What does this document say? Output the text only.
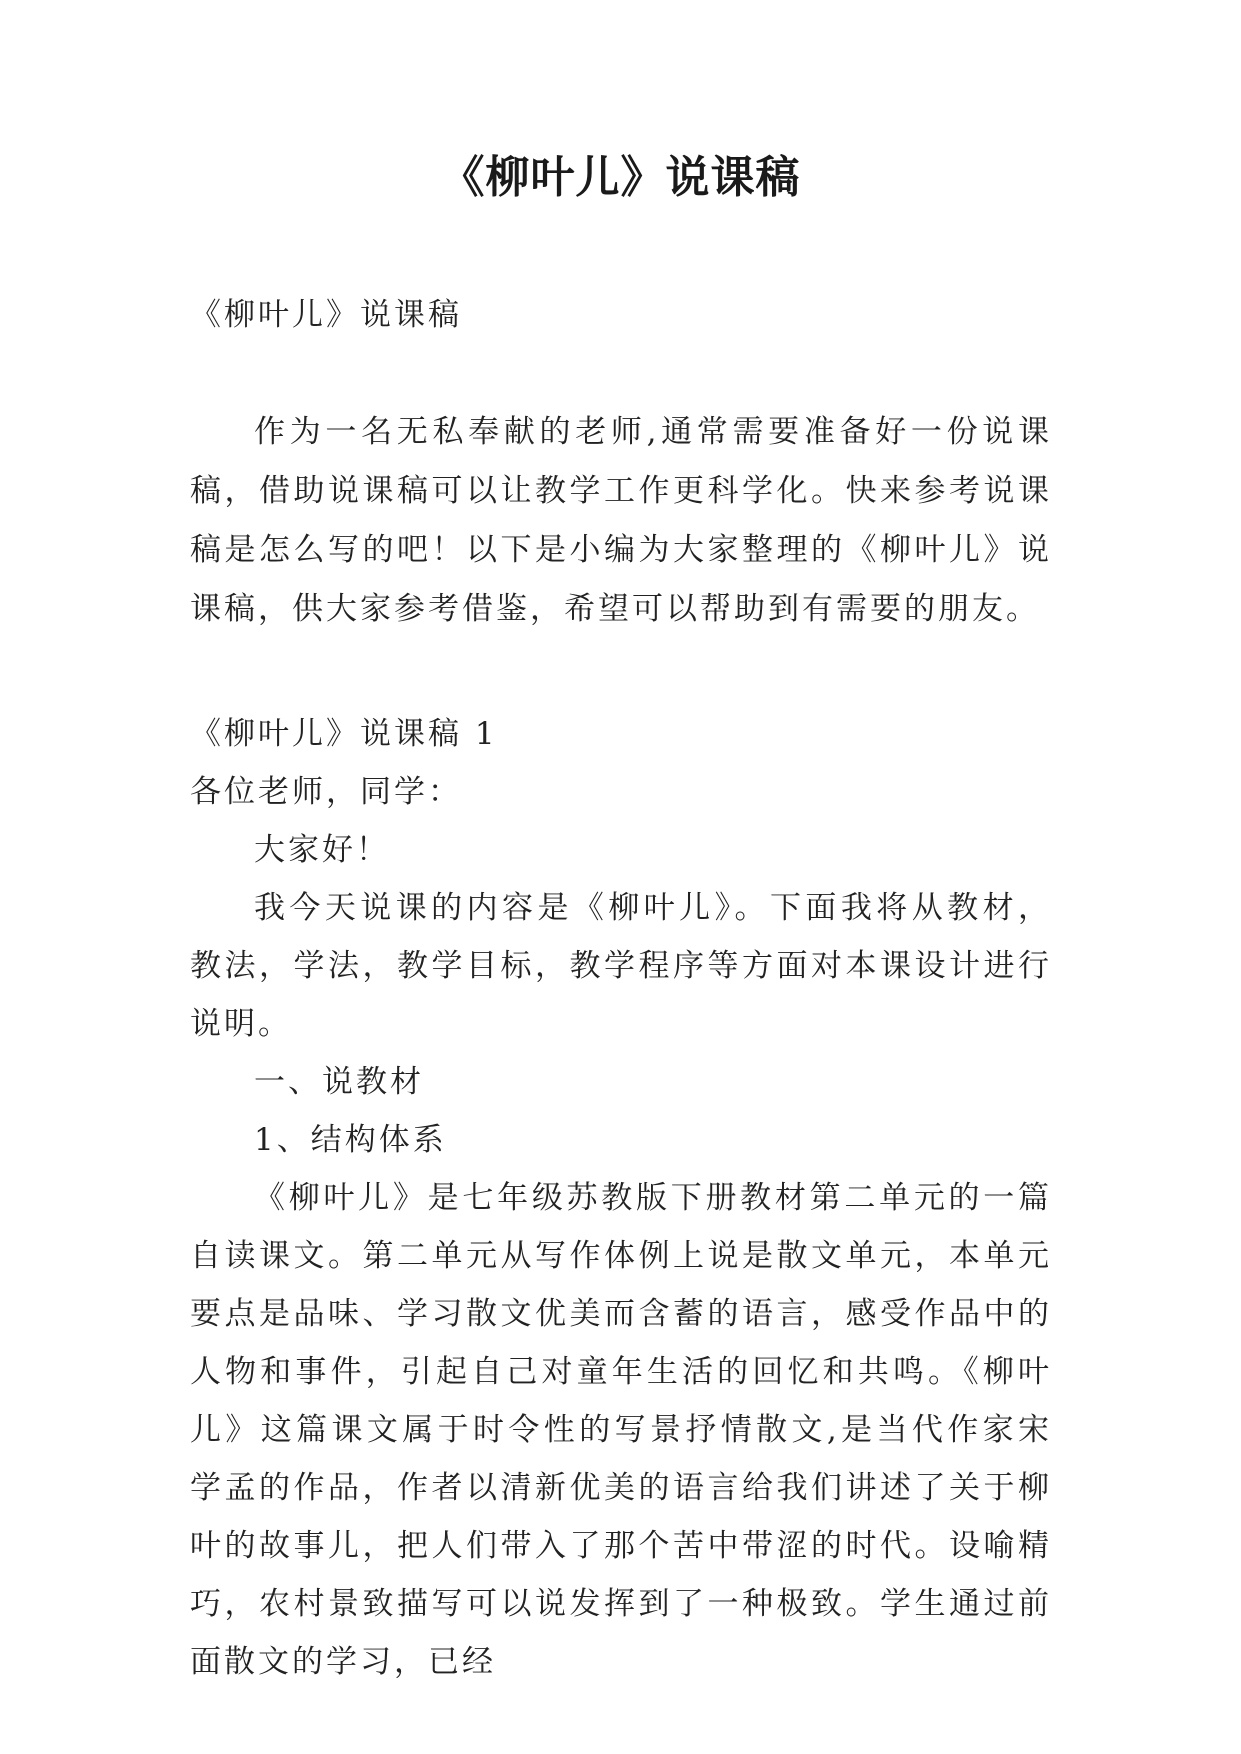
《柳叶儿》说课稿
《柳叶儿》说课稿

作为一名无私奉献的老师,通常需要准备好一份说课稿，借助说课稿可以让教学工作更科学化。快来参考说课稿是怎么写的吧！以下是小编为大家整理的《柳叶儿》说课稿，供大家参考借鉴，希望可以帮助到有需要的朋友。

《柳叶儿》说课稿 1

各位老师，同学：

大家好！

我今天说课的内容是《柳叶儿》。下面我将从教材，教法，学法，教学目标，教学程序等方面对本课设计进行说明。

一、说教材

1、结构体系

《柳叶儿》是七年级苏教版下册教材第二单元的一篇自读课文。第二单元从写作体例上说是散文单元，本单元要点是品味、学习散文优美而含蓄的语言，感受作品中的人物和事件，引起自己对童年生活的回忆和共鸣。《柳叶儿》这篇课文属于时令性的写景抒情散文,是当代作家宋学孟的作品，作者以清新优美的语言给我们讲述了关于柳叶的故事儿，把人们带入了那个苦中带涩的时代。设喻精巧，农村景致描写可以说发挥到了一种极致。学生通过前面散文的学习，已经
